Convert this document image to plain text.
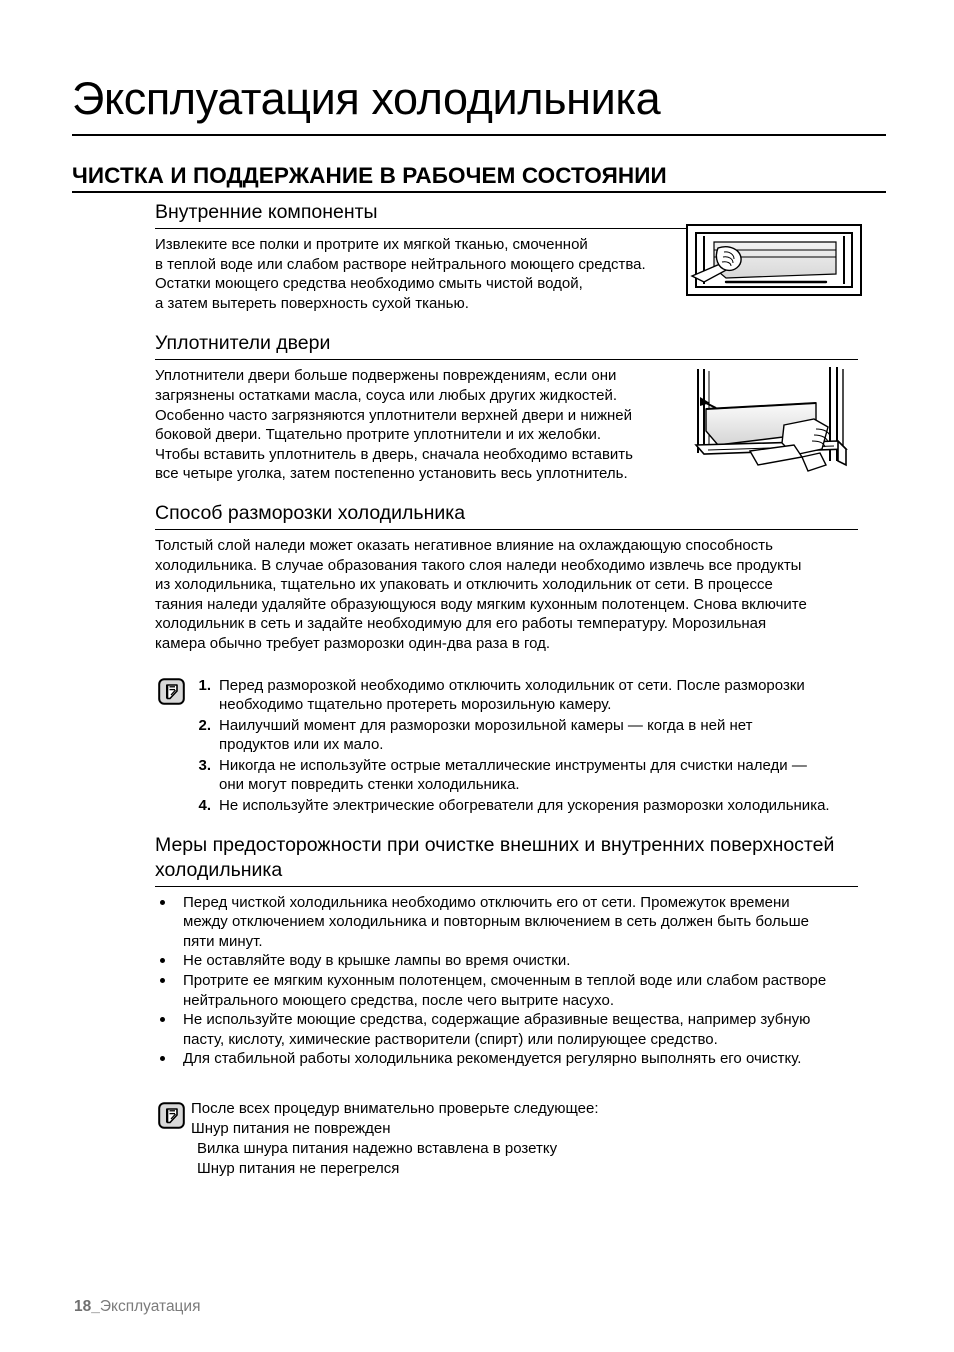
Эксплуатация холодильника
ЧИСТКА И ПОДДЕРЖАНИЕ В РАБОЧЕМ СОСТОЯНИИ
Внутренние компоненты
Извлеките все полки и протрите их мягкой тканью, смоченной
в теплой воде или слабом растворе нейтрального моющего средства.
Остатки моющего средства необходимо смыть чистой водой,
а затем вытереть поверхность сухой тканью.
Уплотнители двери
Уплотнители двери больше подвержены повреждениям, если они
загрязнены остатками масла, соуса или любых других жидкостей.
Особенно часто загрязняются уплотнители верхней двери и нижней
боковой двери. Тщательно протрите уплотнители и их желобки.
Чтобы вставить уплотнитель в дверь, сначала необходимо вставить
все четыре уголка, затем постепенно установить весь уплотнитель.
Способ разморозки холодильника
Толстый слой наледи может оказать негативное влияние на охлаждающую способность
холодильника. В случае образования такого слоя наледи необходимо извлечь все продукты
из холодильника, тщательно их упаковать и отключить холодильник от сети. В процессе
таяния наледи удаляйте образующуюся воду мягким кухонным полотенцем. Снова включите
холодильник в сеть и задайте необходимую для его работы температуру. Морозильная
камера обычно требует разморозки один-два раза в год.
1. Перед разморозкой необходимо отключить холодильник от сети. После разморозки
необходимо тщательно протереть морозильную камеру.
2. Наилучший момент для разморозки морозильной камеры — когда в ней нет
продуктов или их мало.
3. Никогда не используйте острые металлические инструменты для счистки наледи —
они могут повредить стенки холодильника.
4. Не используйте электрические обогреватели для ускорения разморозки холодильника.
Меры предосторожности при очистке внешних и внутренних поверхностей холодильника
Перед чисткой холодильника необходимо отключить его от сети. Промежуток времени
между отключением холодильника и повторным включением в сеть должен быть больше
пяти минут.
Не оставляйте воду в крышке лампы во время очистки.
Протрите ее мягким кухонным полотенцем, смоченным в теплой воде или слабом растворе
нейтрального моющего средства, после чего вытрите насухо.
Не используйте моющие средства, содержащие абразивные вещества, например зубную
пасту, кислоту, химические растворители (спирт) или полирующее средство.
Для стабильной работы холодильника рекомендуется регулярно выполнять его очистку.
После всех процедур внимательно проверьте следующее:
Шнур питания не поврежден
Вилка шнура питания надежно вставлена в розетку
Шнур питания не перегрелся
18_Эксплуатация
